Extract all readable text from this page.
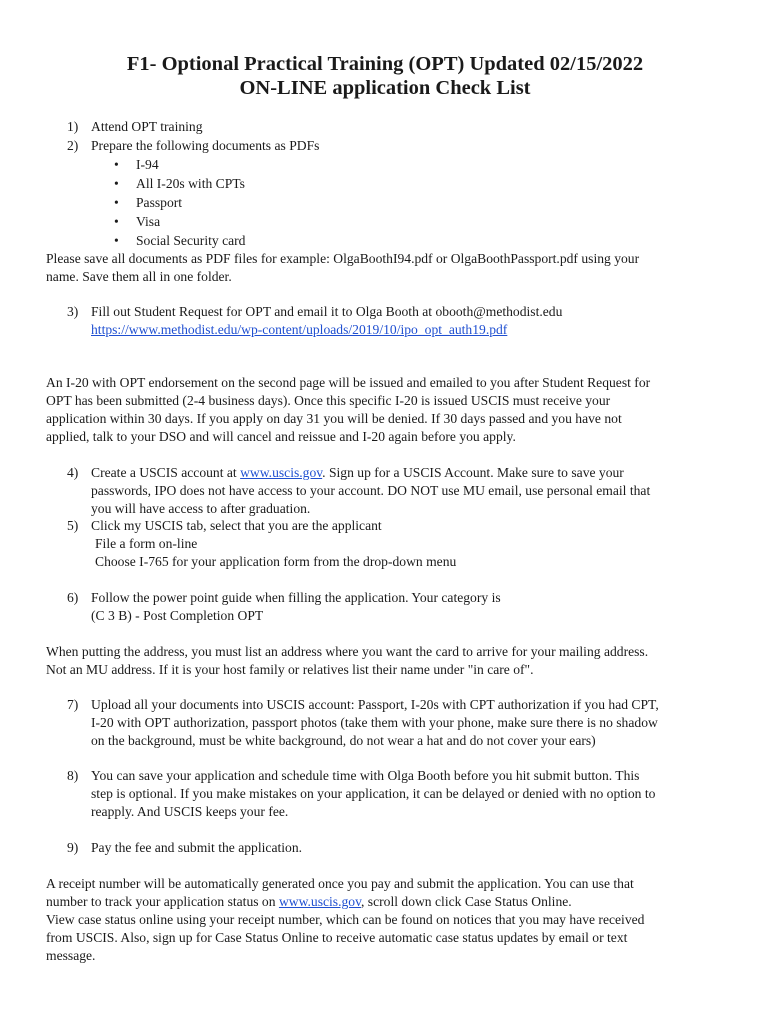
F1- Optional Practical Training (OPT) Updated 02/15/2022
ON-LINE application Check List
1) Attend OPT training
2) Prepare the following documents as PDFs
• I-94
• All I-20s with CPTs
• Passport
• Visa
• Social Security card
Please save all documents as PDF files for example: OlgaBoothI94.pdf or OlgaBoothPassport.pdf using your
name. Save them all in one folder.
3) Fill out Student Request for OPT and email it to Olga Booth at obooth@methodist.edu
https://www.methodist.edu/wp-content/uploads/2019/10/ipo_opt_auth19.pdf
An I-20 with OPT endorsement on the second page will be issued and emailed to you after Student Request for
OPT has been submitted (2-4 business days). Once this specific I-20 is issued USCIS must receive your
application within 30 days. If you apply on day 31 you will be denied. If 30 days passed and you have not
applied, talk to your DSO and will cancel and reissue and I-20 again before you apply.
4) Create a USCIS account at www.uscis.gov. Sign up for a USCIS Account. Make sure to save your
passwords, IPO does not have access to your account. DO NOT use MU email, use personal email that
you will have access to after graduation.
5) Click my USCIS tab, select that you are the applicant
File a form on-line
Choose I-765 for your application form from the drop-down menu
6) Follow the power point guide when filling the application. Your category is
(C 3 B) - Post Completion OPT
When putting the address, you must list an address where you want the card to arrive for your mailing address.
Not an MU address. If it is your host family or relatives list their name under "in care of".
7) Upload all your documents into USCIS account: Passport, I-20s with CPT authorization if you had CPT,
I-20 with OPT authorization, passport photos (take them with your phone, make sure there is no shadow
on the background, must be white background, do not wear a hat and do not cover your ears)
8) You can save your application and schedule time with Olga Booth before you hit submit button. This
step is optional. If you make mistakes on your application, it can be delayed or denied with no option to
reapply. And USCIS keeps your fee.
9) Pay the fee and submit the application.
A receipt number will be automatically generated once you pay and submit the application. You can use that
number to track your application status on www.uscis.gov, scroll down click Case Status Online.
View case status online using your receipt number, which can be found on notices that you may have received
from USCIS. Also, sign up for Case Status Online to receive automatic case status updates by email or text
message.
